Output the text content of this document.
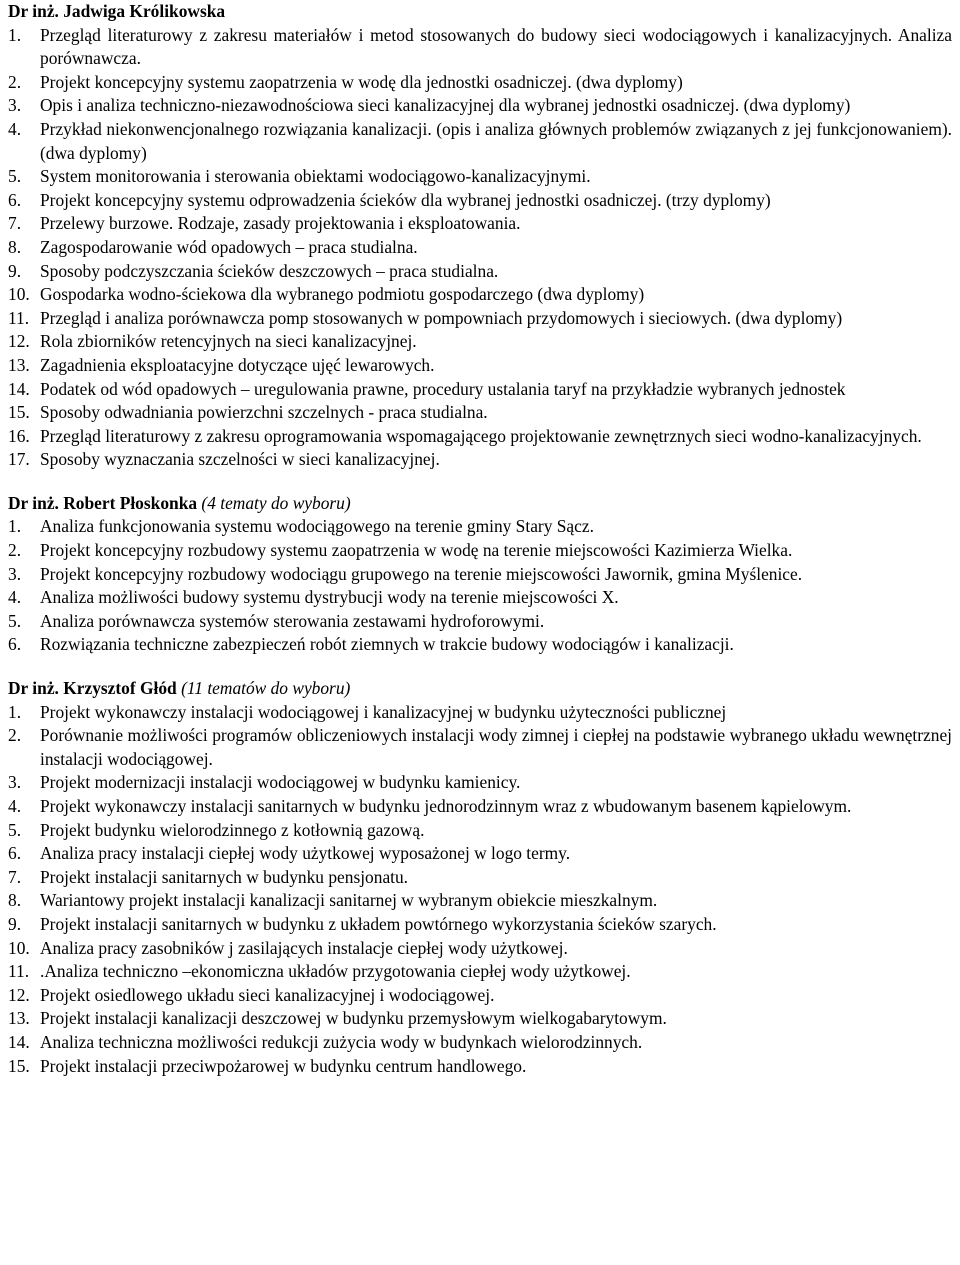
Dr inż. Jadwiga Królikowska
1.	Przegląd literaturowy z zakresu materiałów i metod stosowanych do budowy sieci wodociągowych i kanalizacyjnych. Analiza porównawcza.
2.	Projekt koncepcyjny systemu zaopatrzenia w wodę dla jednostki osadniczej. (dwa dyplomy)
3.	Opis i analiza techniczno-niezawodnościowa sieci kanalizacyjnej dla wybranej jednostki osadniczej. (dwa dyplomy)
4.	Przykład niekonwencjonalnego rozwiązania kanalizacji. (opis i analiza głównych problemów związanych z jej funkcjonowaniem). (dwa dyplomy)
5.	System monitorowania i sterowania obiektami wodociągowo-kanalizacyjnymi.
6.	Projekt koncepcyjny systemu odprowadzenia ścieków dla wybranej jednostki osadniczej. (trzy dyplomy)
7.	Przelewy burzowe. Rodzaje, zasady projektowania i eksploatowania.
8.	Zagospodarowanie wód opadowych – praca studialna.
9.	Sposoby podczyszczania ścieków deszczowych – praca studialna.
10. Gospodarka wodno-ściekowa dla wybranego podmiotu gospodarczego (dwa dyplomy)
11. Przegląd i analiza porównawcza pomp stosowanych w pompowniach przydomowych i sieciowych. (dwa dyplomy)
12. Rola zbiorników retencyjnych na sieci kanalizacyjnej.
13. Zagadnienia eksploatacyjne dotyczące ujęć lewarowych.
14. Podatek od wód opadowych – uregulowania prawne, procedury ustalania taryf na przykładzie wybranych jednostek
15. Sposoby odwadniania powierzchni szczelnych - praca studialna.
16. Przegląd literaturowy z zakresu oprogramowania wspomagającego projektowanie zewnętrznych sieci wodno-kanalizacyjnych.
17. Sposoby wyznaczania szczelności w sieci kanalizacyjnej.
Dr inż. Robert Płoskonka (4 tematy do wyboru)
1.	Analiza funkcjonowania systemu wodociągowego na terenie gminy Stary Sącz.
2.	Projekt koncepcyjny rozbudowy systemu zaopatrzenia w wodę na terenie miejscowości Kazimierza Wielka.
3.	Projekt koncepcyjny rozbudowy wodociągu grupowego na terenie miejscowości Jawornik, gmina Myślenice.
4.	Analiza możliwości budowy systemu dystrybucji wody na terenie miejscowości X.
5.	Analiza porównawcza systemów sterowania zestawami hydroforowymi.
6.	Rozwiązania techniczne zabezpieczeń robót ziemnych w trakcie budowy wodociągów i kanalizacji.
Dr inż. Krzysztof Głód (11 tematów do wyboru)
1.	Projekt wykonawczy instalacji wodociągowej i kanalizacyjnej w budynku użyteczności publicznej
2.	Porównanie możliwości programów obliczeniowych instalacji wody zimnej i ciepłej na podstawie wybranego układu wewnętrznej instalacji wodociągowej.
3.	Projekt modernizacji instalacji wodociągowej w budynku kamienicy.
4.	Projekt wykonawczy instalacji sanitarnych w budynku jednorodzinnym wraz z wbudowanym basenem kąpielowym.
5.	Projekt budynku wielorodzinnego z kotłownią gazową.
6.	Analiza pracy instalacji ciepłej wody użytkowej wyposażonej w logo termy.
7.	Projekt instalacji sanitarnych w budynku pensjonatu.
8.	Wariantowy projekt instalacji kanalizacji sanitarnej w wybranym obiekcie mieszkalnym.
9.	Projekt instalacji sanitarnych w budynku z układem powtórnego wykorzystania ścieków szarych.
10. Analiza pracy zasobników j zasilających instalacje ciepłej wody użytkowej.
11. .Analiza techniczno –ekonomiczna układów przygotowania ciepłej wody użytkowej.
12. Projekt osiedlowego układu sieci kanalizacyjnej i wodociągowej.
13. Projekt instalacji kanalizacji deszczowej w budynku przemysłowym wielkogabarytowym.
14. Analiza techniczna możliwości redukcji zużycia wody w budynkach wielorodzinnych.
15. Projekt instalacji przeciwpożarowej w budynku centrum handlowego.
